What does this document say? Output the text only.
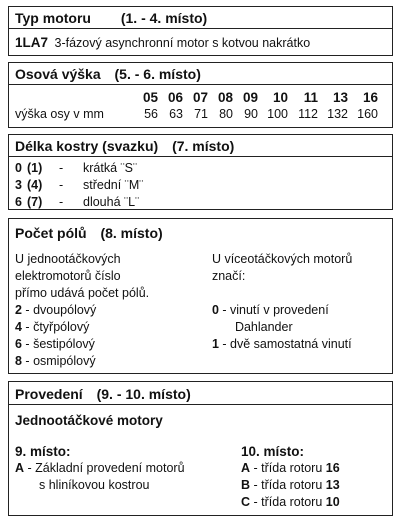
Typ motoru (1. - 4. místo)
1LA7 3-fázový asynchronní motor s kotvou nakrátko
Osová výška (5. - 6. místo)
	05	06	07	08	09	10	11	13	16
výška osy v mm	56	63	71	80	90	100	112	132	160
Délka kostry (svazku) (7. místo)
0 (1) - krátká ¨S¨
3 (4) - střední ¨M¨
6 (7) - dlouhá ¨L¨
Počet pólů (8. místo)
U jednootáčkových
elektromotorů číslo
přímo udává počet pólů.
2 - dvoupólový
4 - čtyřpólový
6 - šestipólový
8 - osmipólový
U víceotáčkových motorů
značí:
0 - vinutí v provedení
Dahlander
1 - dvě samostatná vinutí
Provedení (9. - 10. místo)
Jednootáčkové motory
9. místo:
A - Základní provedení motorů
s hliníkovou kostrou
10. místo:
A - třída rotoru 16
B - třída rotoru 13
C - třída rotoru 10
